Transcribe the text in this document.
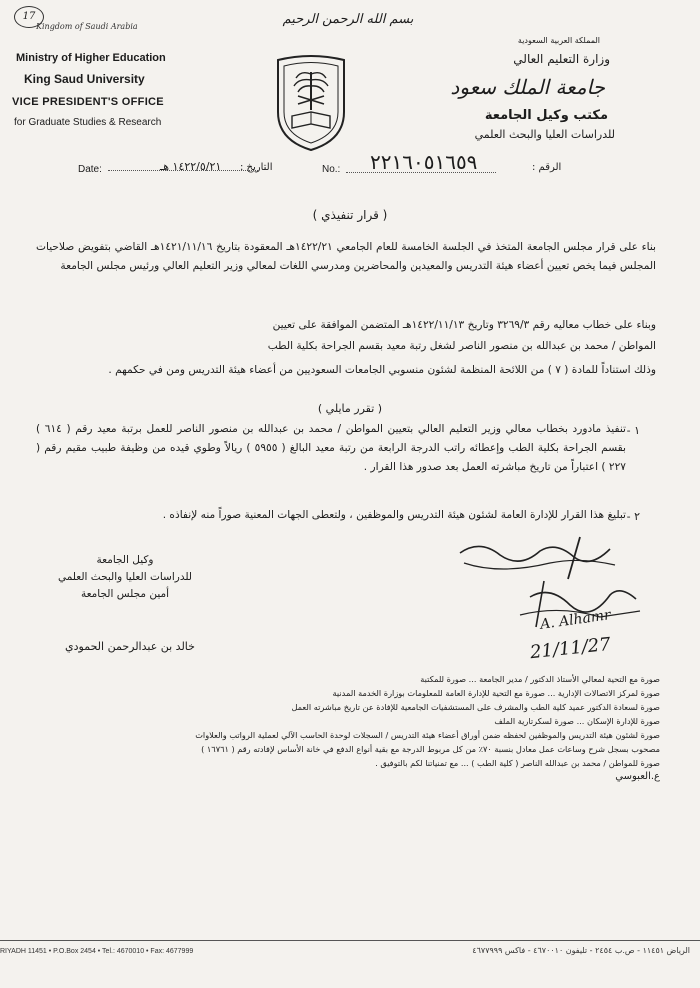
17
Kingdom of Saudi Arabia
Ministry of Higher Education
King Saud University
VICE PRESIDENT'S OFFICE
for Graduate Studies & Research
المملكة العربية السعودية
وزارة التعليم العالي
جامعة الملك سعود
مكتب وكيل الجامعة
للدراسات العليا والبحث العلمي
بسم الله الرحمن الرحيم
Date:	١٤٢٢/٥/٢١ هـ التاريخ :	No.: ٢٢١٦٠٥١٦٥٩	الرقم :
( قرار تنفيذي )
بناء على قرار مجلس الجامعة المتخذ في الجلسة الخامسة للعام الجامعي ١٤٢٢/٢١هـ المعقودة بتاريخ ١٤٢١/١١/١٦هـ القاضي بتفويض صلاحيات المجلس فيما يخص تعيين أعضاء هيئة التدريس والمعيدين والمحاضرين ومدرسي اللغات لمعالي وزير التعليم العالي ورئيس مجلس الجامعة
وبناء على خطاب معاليه رقم ٣٢٦٩/٣ وتاريخ ١٤٢٢/١١/١٣هـ المتضمن الموافقة على تعيين
المواطن / محمد بن عبدالله بن منصور الناصر لشغل رتبة معيد بقسم الجراحة بكلية الطب
وذلك استناداً للمادة ( ٧ ) من اللائحة المنظمة لشئون منسوبي الجامعات السعوديين من أعضاء هيئة التدريس ومن في حكمهم .
( تقرر مايلي )
١ -
تنفيذ مادورد بخطاب معالي وزير التعليم العالي بتعيين المواطن / محمد بن عبدالله بن منصور الناصر للعمل برتبة معيد رقم ( ٦١٤ ) بقسم الجراحة بكلية الطب وإعطائه راتب الدرجة الرابعة من رتبة معيد البالغ ( ٥٩٥٥ ) ريالاً وطوي قيده من وظيفة طبيب مقيم رقم ( ٢٢٧ ) اعتباراً من تاريخ مباشرته العمل بعد صدور هذا القرار .
٢ -
تبليغ هذا القرار للإدارة العامة لشئون هيئة التدريس والموظفين ، ولتعطى الجهات المعنية صوراً منه لإنفاذه .
وكيل الجامعة
للدراسات العليا والبحث العلمي
أمين مجلس الجامعة
خالد بن عبدالرحمن الحمودي
A. Alhamr
21/11/27
صورة مع التحية لمعالي الأستاذ الدكتور / مدير الجامعة ... صورة للمكتبة
صورة لمركز الاتصالات الإدارية ... صورة مع التحية للإدارة العامة للمعلومات بوزارة الخدمة المدنية
صورة لسعادة الدكتور عميد كلية الطب والمشرف على المستشفيات الجامعية للإفادة عن تاريخ مباشرته العمل
صورة للإدارة الإسكان ... صورة لسكرتارية الملف
صورة لشئون هيئة التدريس والموظفين لحفظه ضمن أوراق أعضاء هيئة التدريس / السجلات لوحدة الحاسب الآلي لعملية الرواتب والعلاوات
مصحوب بسجل شرح وساعات عمل معادل بنسبة ٧٠٪ من كل مربوط الدرجة مع بقية أنواع الدفع في خانة الأساس لإفادته رقم ( ١٦٧٦١ )
صورة للمواطن / محمد بن عبدالله الناصر ( كلية الطب ) ... مع تمنياتنا لكم بالتوفيق .
ع.العبوسي
RIYADH 11451 • P.O.Box 2454 • Tel.: 4670010 • Fax: 4677999	الرياض ١١٤٥١ - ص.ب ٢٤٥٤ - تليفون ٤٦٧٠٠١٠ - فاكس ٤٦٧٧٩٩٩
